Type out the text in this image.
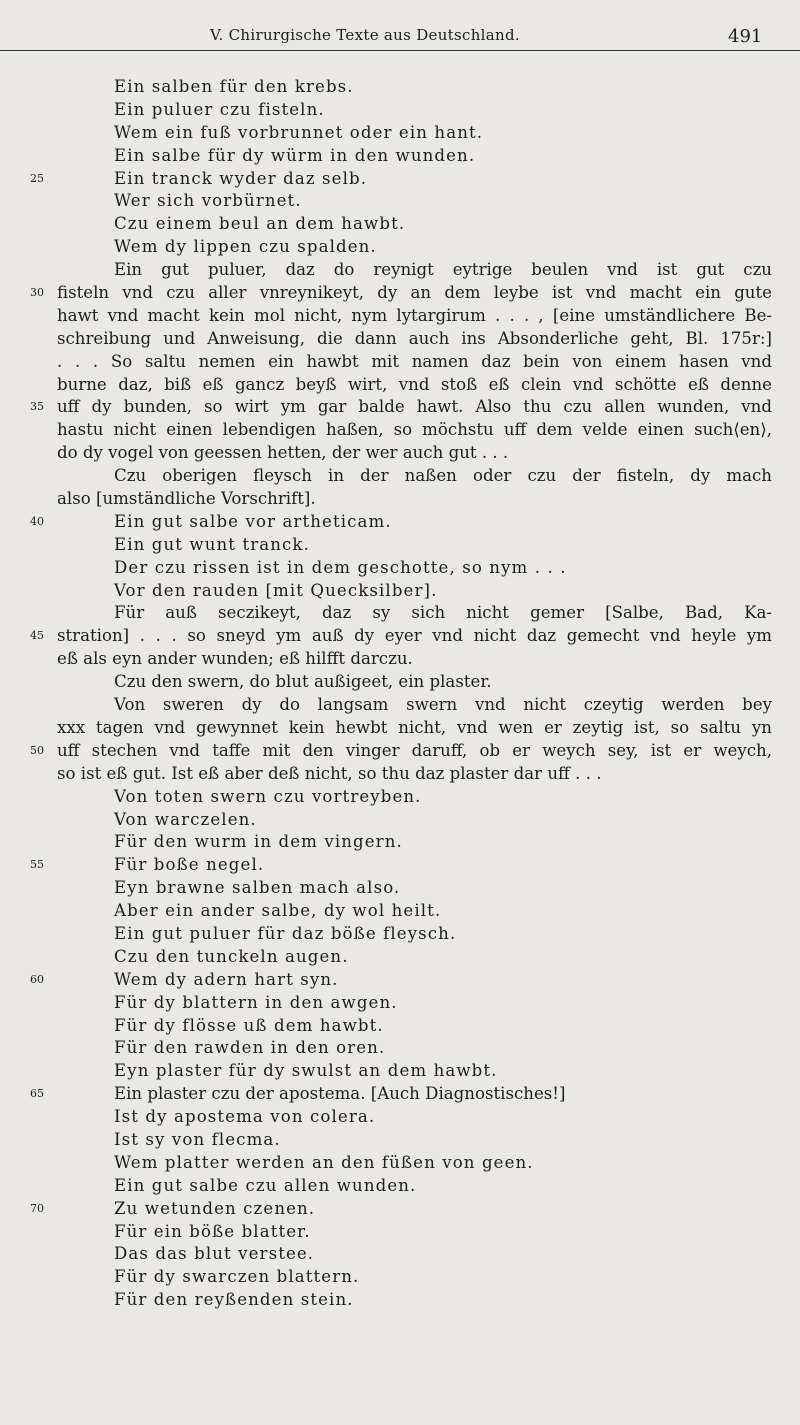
V. Chirurgische Texte aus Deutschland.	491
Ein salben für den krebs.
Ein puluer czu fisteln.
Wem ein fuß vorbrunnet oder ein hant.
Ein salbe für dy würm in den wunden.
25	Ein tranck wyder daz selb.
Wer sich vorbürnet.
Czu einem beul an dem hawbt.
Wem dy lippen czu spalden.
Ein gut puluer, daz do reynigt eytrige beulen vnd ist gut czu
30 fisteln vnd czu aller vnreynikeyt, dy an dem leybe ist vnd macht ein gute
hawt vnd macht kein mol nicht, nym lytargirum . . . , [eine umständlichere Be-
schreibung und Anweisung, die dann auch ins Absonderliche geht, Bl. 175r:]
. . . So saltu nemen ein hawbt mit namen daz bein von einem hasen vnd
burne daz, biß eß gancz beyß wirt, vnd stoß eß clein vnd schötte eß denne
35 uff dy bunden, so wirt ym gar balde hawt. Also thu czu allen wunden, vnd
hastu nicht einen lebendigen haßen, so möchstu uff dem velde einen such⟨en⟩,
do dy vogel von geessen hetten, der wer auch gut . . .
Czu oberigen fleysch in der naßen oder czu der fisteln, dy mach
also [umständliche Vorschrift].
40	Ein gut salbe vor artheticam.
Ein gut wunt tranck.
Der czu rissen ist in dem geschotte, so nym . . .
Vor den rauden [mit Quecksilber].
Für auß seczikeyt, daz sy sich nicht gemer [Salbe, Bad, Ka-
45 stration] . . . so sneyd ym auß dy eyer vnd nicht daz gemecht vnd heyle ym
eß als eyn ander wunden; eß hilfft darczu.
Czu den swern, do blut außigeet, ein plaster.
Von sweren dy do langsam swern vnd nicht czeytig werden bey
xxx tagen vnd gewynnet kein hewbt nicht, vnd wen er zeytig ist, so saltu yn
50 uff stechen vnd taffe mit den vinger daruff, ob er weych sey, ist er weych,
so ist eß gut. Ist eß aber deß nicht, so thu daz plaster dar uff . . .
Von toten swern czu vortreyben.
Von warczelen.
Für den wurm in dem vingern.
55	Für boße negel.
Eyn brawne salben mach also.
Aber ein ander salbe, dy wol heilt.
Ein gut puluer für daz böße fleysch.
Czu den tunckeln augen.
60	Wem dy adern hart syn.
Für dy blattern in den awgen.
Für dy flösse uß dem hawbt.
Für den rawden in den oren.
Eyn plaster für dy swulst an dem hawbt.
65	Ein plaster czu der apostema. [Auch Diagnostisches!]
Ist dy apostema von colera.
Ist sy von flecma.
Wem platter werden an den füßen von geen.
Ein gut salbe czu allen wunden.
70	Zu wetunden czenen.
Für ein böße blatter.
Das das blut verstee.
Für dy swarczen blattern.
Für den reyßenden stein.
